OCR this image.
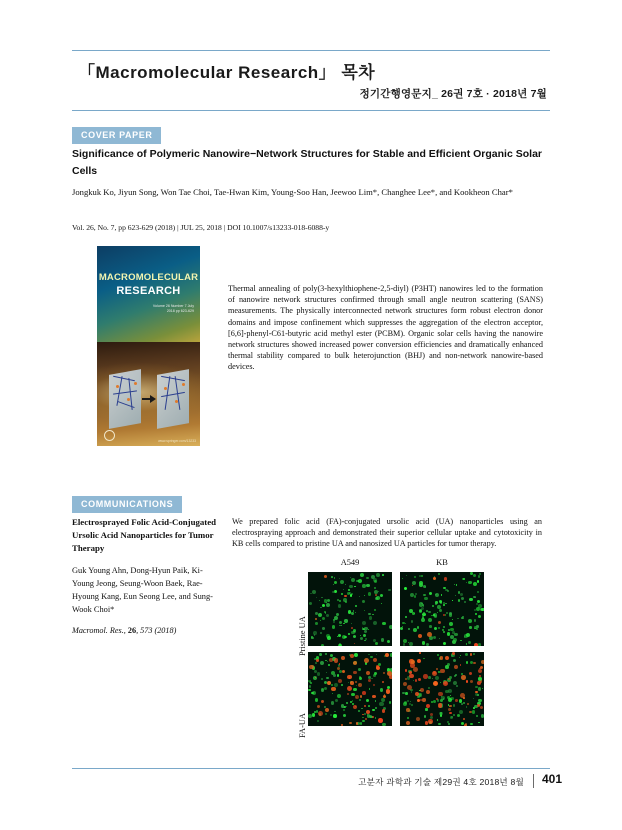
「Macromolecular Research」 목차
정기간행영문지_ 26권 7호 · 2018년 7월
COVER PAPER
Significance of Polymeric Nanowire−Network Structures for Stable and Efficient Organic Solar Cells
Jongkuk Ko, Jiyun Song, Won Tae Choi, Tae-Hwan Kim, Young-Soo Han, Jeewoo Lim*, Changhee Lee*, and Kookheon Char*
Vol. 26, No. 7, pp 623-629 (2018) | JUL 25, 2018 | DOI 10.1007/s13233-018-6088-y
MACROMOLECULAR
RESEARCH
Volume 26 Number 7 July 2018 pp 623-629
www.springer.com/13233
Thermal annealing of poly(3-hexylthiophene-2,5-diyl) (P3HT) nanowires led to the formation of nanowire network structures confirmed through small angle neutron scattering (SANS) measurements. The physically interconnected network structures form robust electron donor domains and impose confinement which suppresses the aggregation of the electron acceptor, [6,6]-phenyl-C61-butyric acid methyl ester (PCBM). Organic solar cells having the nanowire network structures showed increased power conversion efficiencies and dramatically enhanced thermal stability compared to bulk heterojunction (BHJ) and non-network nanowire-based devices.
COMMUNICATIONS
Electrosprayed Folic Acid-Conjugated Ursolic Acid Nanoparticles for Tumor Therapy
Guk Young Ahn, Dong-Hyun Paik, Ki-Young Jeong, Seung-Woon Baek, Rae-Hyoung Kang, Eun Seong Lee, and Sung-Wook Choi*
Macromol. Res., 26, 573 (2018)
We prepared folic acid (FA)-conjugated ursolic acid (UA) nanoparticles using an electrospraying approach and demonstrated their superior cellular uptake and cytotoxicity in KB cells compared to pristine UA and nanosized UA particles for tumor therapy.
A549	KB
Pristine UA
FA-UA
고분자 과학과 기술 제29권 4호 2018년 8월 401
